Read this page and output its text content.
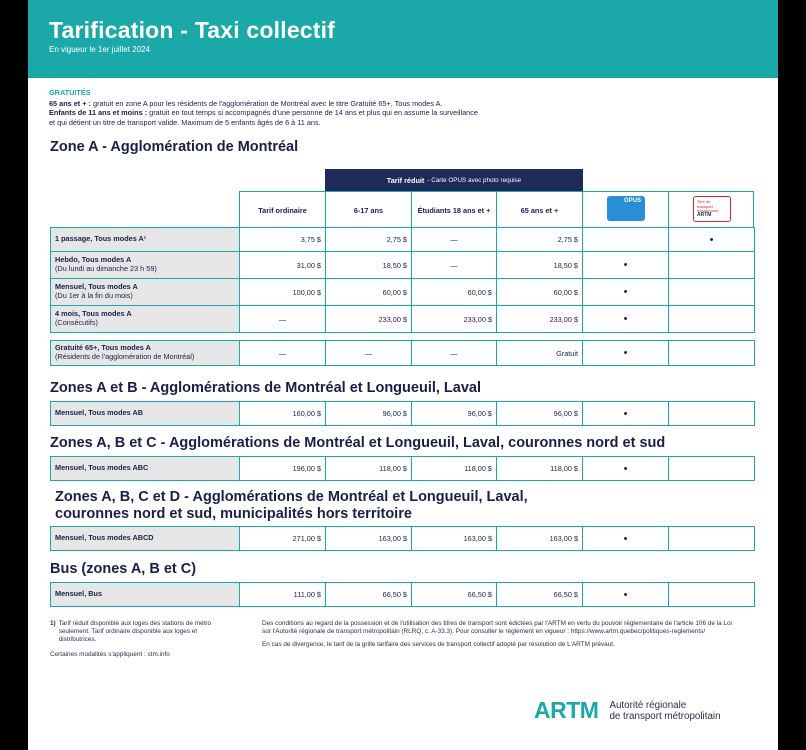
Tarification - Taxi collectif
En vigueur le 1er juillet 2024
GRATUITÉS
65 ans et + : gratuit en zone A pour les résidents de l'agglomération de Montréal avec le titre Gratuité 65+, Tous modes A.
Enfants de 11 ans et moins : gratuit en tout temps si accompagnés d'une personne de 14 ans et plus qui en assume la surveillance
et qui détient un titre de transport valide. Maximum de 5 enfants âgés de 6 à 11 ans.
Zone A - Agglomération de Montréal
Tarif réduit - Carte OPUS avec photo requise
Tarif ordinaire	6-17 ans	Étudiants 18 ans et +	65 ans et +
OPUS	Titre de transport occasionnel
ARTM
1 passage, Tous modes A¹	3,75 $	2,75 $	—	2,75 $		•
Hebdo, Tous modes A
(Du lundi au dimanche 23 h 59)	31,00 $	18,50 $	—	18,50 $	•	
Mensuel, Tous modes A
(Du 1er à la fin du mois)	100,00 $	60,00 $	60,00 $	60,00 $	•	
4 mois, Tous modes A
(Consécutifs)	—	233,00 $	233,00 $	233,00 $	•	
Gratuité 65+, Tous modes A
(Résidents de l'agglomération de Montréal)	—	—	—	Gratuit	•	
Zones A et B - Agglomérations de Montréal et Longueuil, Laval
Mensuel, Tous modes AB	160,00 $	96,00 $	96,00 $	96,00 $	•	
Zones A, B et C - Agglomérations de Montréal et Longueuil, Laval, couronnes nord et sud
Mensuel, Tous modes ABC	196,00 $	118,00 $	118,00 $	118,00 $	•	
Zones A, B, C et D - Agglomérations de Montréal et Longueuil, Laval,
couronnes nord et sud, municipalités hors territoire
Mensuel, Tous modes ABCD	271,00 $	163,00 $	163,00 $	163,00 $	•	
Bus (zones A, B et C)
Mensuel, Bus	111,00 $	66,50 $	66,50 $	66,50 $	•	
1) Tarif réduit disponible aux loges des stations de métro seulement. Tarif ordinaire disponible aux loges et distributrices.
Certaines modalités s'appliquent : stm.info
Des conditions au regard de la possession et de l'utilisation des titres de transport sont édictées par l'ARTM en vertu du pouvoir réglementaire de l'article 106 de la Loi sur l'Autorité régionale de transport métropolitain (RLRQ, c. A-33.3). Pour consulter le règlement en vigueur : https://www.artm.quebec/politiques-reglements/
En cas de divergence, le tarif de la grille tarifaire des services de transport collectif adopté par résolution de L'ARTM prévaut.
ARTM Autorité régionale
de transport métropolitain
